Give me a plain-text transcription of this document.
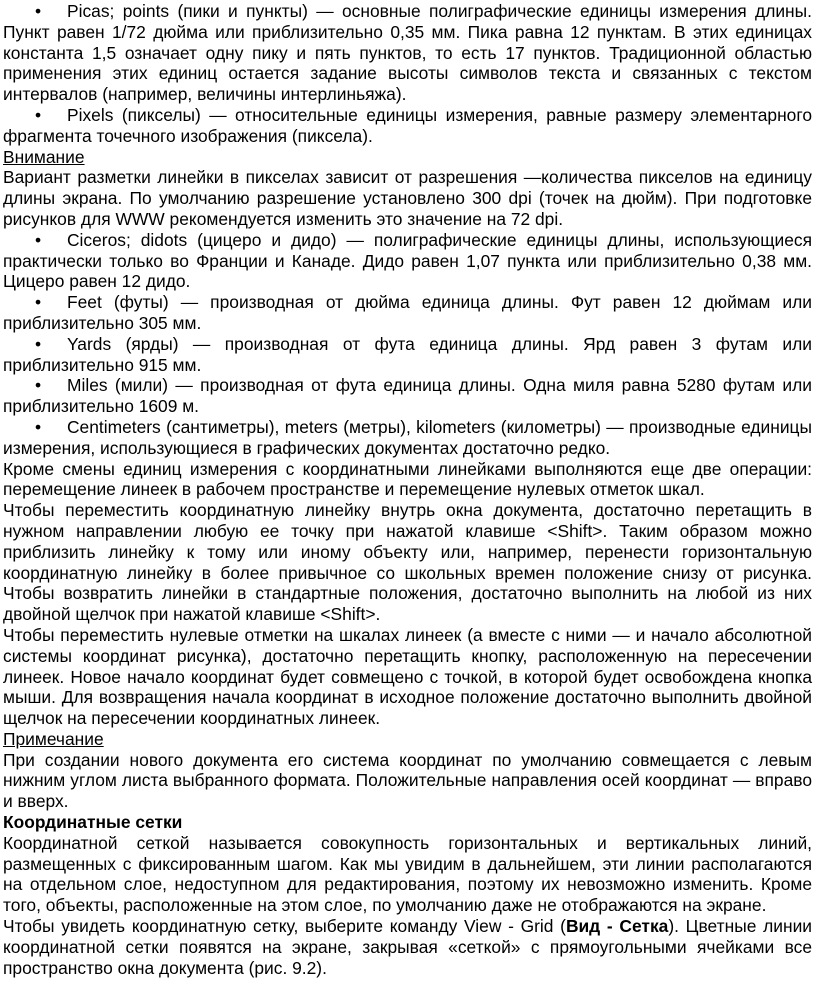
• Picas; points (пики и пункты) — основные полиграфические единицы измерения длины. Пункт равен 1/72 дюйма или приблизительно 0,35 мм. Пика равна 12 пунктам. В этих единицах константа 1,5 означает одну пику и пять пунктов, то есть 17 пунктов. Традиционной областью применения этих единиц остается задание высоты символов текста и связанных с текстом интервалов (например, величины интерлиньяжа).

• Pixels (пикселы) — относительные единицы измерения, равные размеру элементарного фрагмента точечного изображения (пиксела).

Внимание

Вариант разметки линейки в пикселах зависит от разрешения —количества пикселов на единицу длины экрана. По умолчанию разрешение установлено 300 dpi (точек на дюйм). При подготовке рисунков для WWW рекомендуется изменить это значение на 72 dpi.

• Ciceros; didots (цицеро и дидо) — полиграфические единицы длины, использующиеся практически только во Франции и Канаде. Дидо равен 1,07 пункта или приблизительно 0,38 мм. Цицеро равен 12 дидо.

• Feet (футы) — производная от дюйма единица длины. Фут равен 12 дюймам или приблизительно 305 мм.

• Yards (ярды) — производная от фута единица длины. Ярд равен 3 футам или приблизительно 915 мм.

• Miles (мили) — производная от фута единица длины. Одна миля равна 5280 футам или приблизительно 1609 м.

• Centimeters (сантиметры), meters (метры), kilometers (километры) — производные единицы измерения, использующиеся в графических документах достаточно редко.

Кроме смены единиц измерения с координатными линейками выполняются еще две операции: перемещение линеек в рабочем пространстве и перемещение нулевых отметок шкал.

Чтобы переместить координатную линейку внутрь окна документа, достаточно перетащить в нужном направлении любую ее точку при нажатой клавише <Shift>. Таким образом можно приблизить линейку к тому или иному объекту или, например, перенести горизонтальную координатную линейку в более привычное со школьных времен положение снизу от рисунка. Чтобы возвратить линейки в стандартные положения, достаточно выполнить на любой из них двойной щелчок при нажатой клавише <Shift>.

Чтобы переместить нулевые отметки на шкалах линеек (а вместе с ними — и начало абсолютной системы координат рисунка), достаточно перетащить кнопку, расположенную на пересечении линеек. Новое начало координат будет совмещено с точкой, в которой будет освобождена кнопка мыши. Для возвращения начала координат в исходное положение достаточно выполнить двойной щелчок на пересечении координатных линеек.

Примечание

При создании нового документа его система координат по умолчанию совмещается с левым нижним углом листа выбранного формата. Положительные направления осей координат — вправо и вверх.

Координатные сетки

Координатной сеткой называется совокупность горизонтальных и вертикальных линий, размещенных с фиксированным шагом. Как мы увидим в дальнейшем, эти линии располагаются на отдельном слое, недоступном для редактирования, поэтому их невозможно изменить. Кроме того, объекты, расположенные на этом слое, по умолчанию даже не отображаются на экране.

Чтобы увидеть координатную сетку, выберите команду View - Grid (Вид - Сетка). Цветные линии координатной сетки появятся на экране, закрывая «сеткой» с прямоугольными ячейками все пространство окна документа (рис. 9.2).
